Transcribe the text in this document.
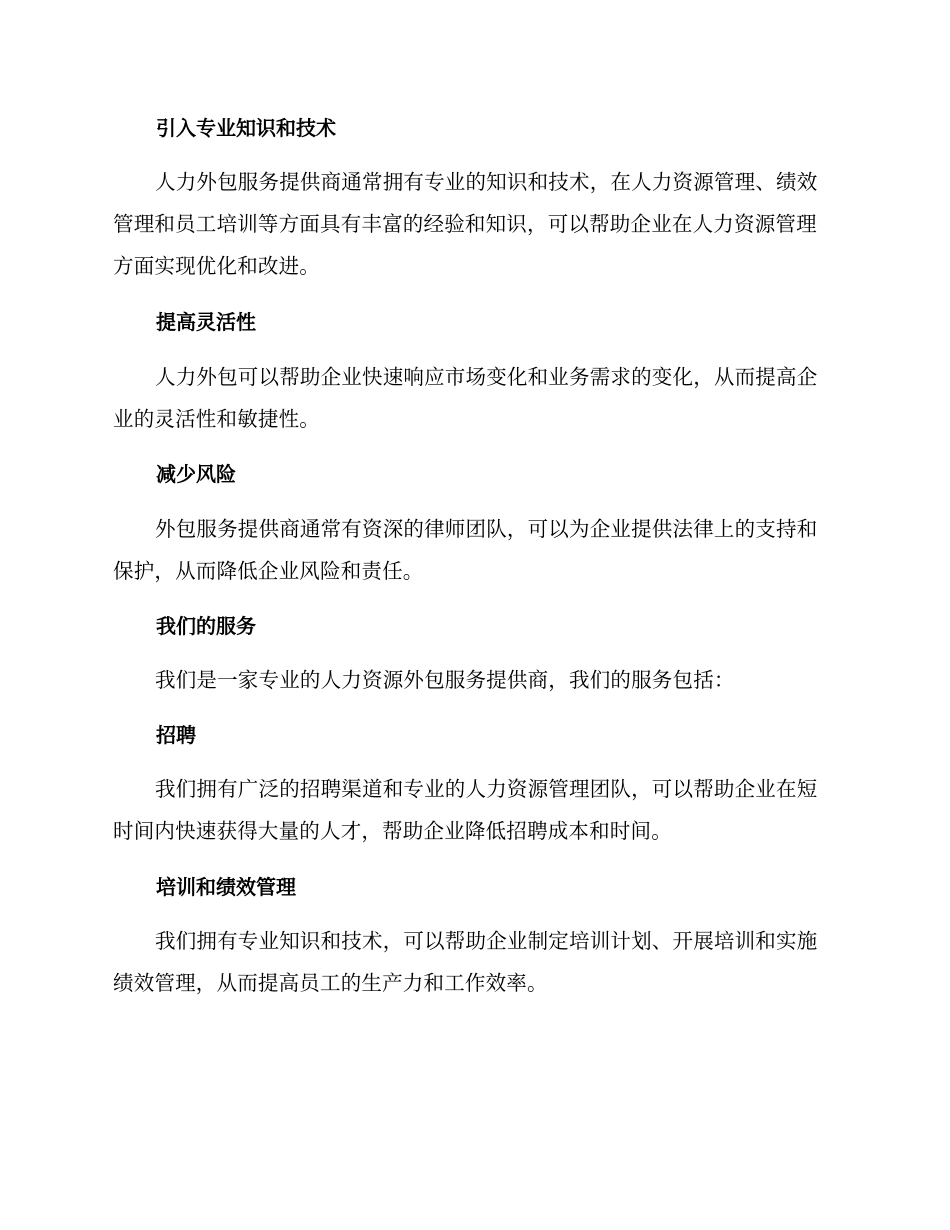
引入专业知识和技术

人力外包服务提供商通常拥有专业的知识和技术，在人力资源管理、绩效管理和员工培训等方面具有丰富的经验和知识，可以帮助企业在人力资源管理方面实现优化和改进。

提高灵活性

人力外包可以帮助企业快速响应市场变化和业务需求的变化，从而提高企业的灵活性和敏捷性。

减少风险

外包服务提供商通常有资深的律师团队，可以为企业提供法律上的支持和保护，从而降低企业风险和责任。

我们的服务

我们是一家专业的人力资源外包服务提供商，我们的服务包括：

招聘

我们拥有广泛的招聘渠道和专业的人力资源管理团队，可以帮助企业在短时间内快速获得大量的人才，帮助企业降低招聘成本和时间。

培训和绩效管理

我们拥有专业知识和技术，可以帮助企业制定培训计划、开展培训和实施绩效管理，从而提高员工的生产力和工作效率。
